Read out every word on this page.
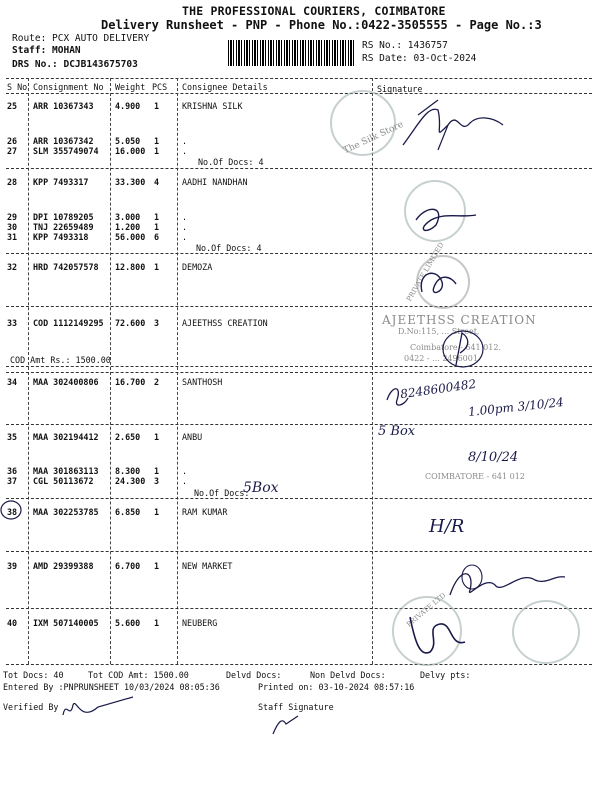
THE PROFESSIONAL COURIERS, COIMBATORE
Delivery Runsheet - PNP - Phone No.:0422-3505555 - Page No.:3
Route: PCX AUTO DELIVERY
Staff: MOHAN
DRS No.: DCJB143675703
RS No.: 1436757
RS Date: 03-Oct-2024
S No Consignment No Weight PCS Consignee Details	Signature
25 ARR 10367343	4.900 1	KRISHNA SILK
26 ARR 10367342	5.050 1	.
27 SLM 355749074 16.000 1	.
28 KPP 7493317	33.300 4	AADHI NANDHAN
29 DPI 10789205	3.000 1	.
30 TNJ 22659489	1.200 1	.
31 KPP 7493318	56.000 6	.
32 HRD 742057578 12.800 1	DEMOZA
33 COD 1112149295 72.600 3	AJEETHSS CREATION
34 MAA 302400806 16.700 2	SANTHOSH
35 MAA 302194412 2.650 1	ANBU
36 MAA 301863113 8.300 1	.
37 CGL 50113672	24.300 3	.
38 MAA 302253785 6.850 1	RAM KUMAR
39 AMD 29399388	6.700 1	NEW MARKET
40 IXM 507140005 5.600 1	NEUBERG
No.Of Docs: 4
No.Of Docs: 4
COD Amt Rs.: 1500.00
No.Of Docs:
The Silk Store
PRIVATE LIMITED
AJEETHSS CREATION
D.No:115, ... Street,
Coimbatore - 641 012.
0422 - ... 2496001
COIMBATORE - 641 012
PRIVATE LTD
5Box
8248600482
1.00pm 3/10/24
5 Box
8/10/24
H/R
Tot Docs: 40	Tot COD Amt: 1500.00	Delvd Docs:	Non Delvd Docs:	Delvy pts:
Entered By :PNPRUNSHEET 10/03/2024 08:05:36	Printed on: 03-10-2024 08:57:16
Verified By	Staff Signature
